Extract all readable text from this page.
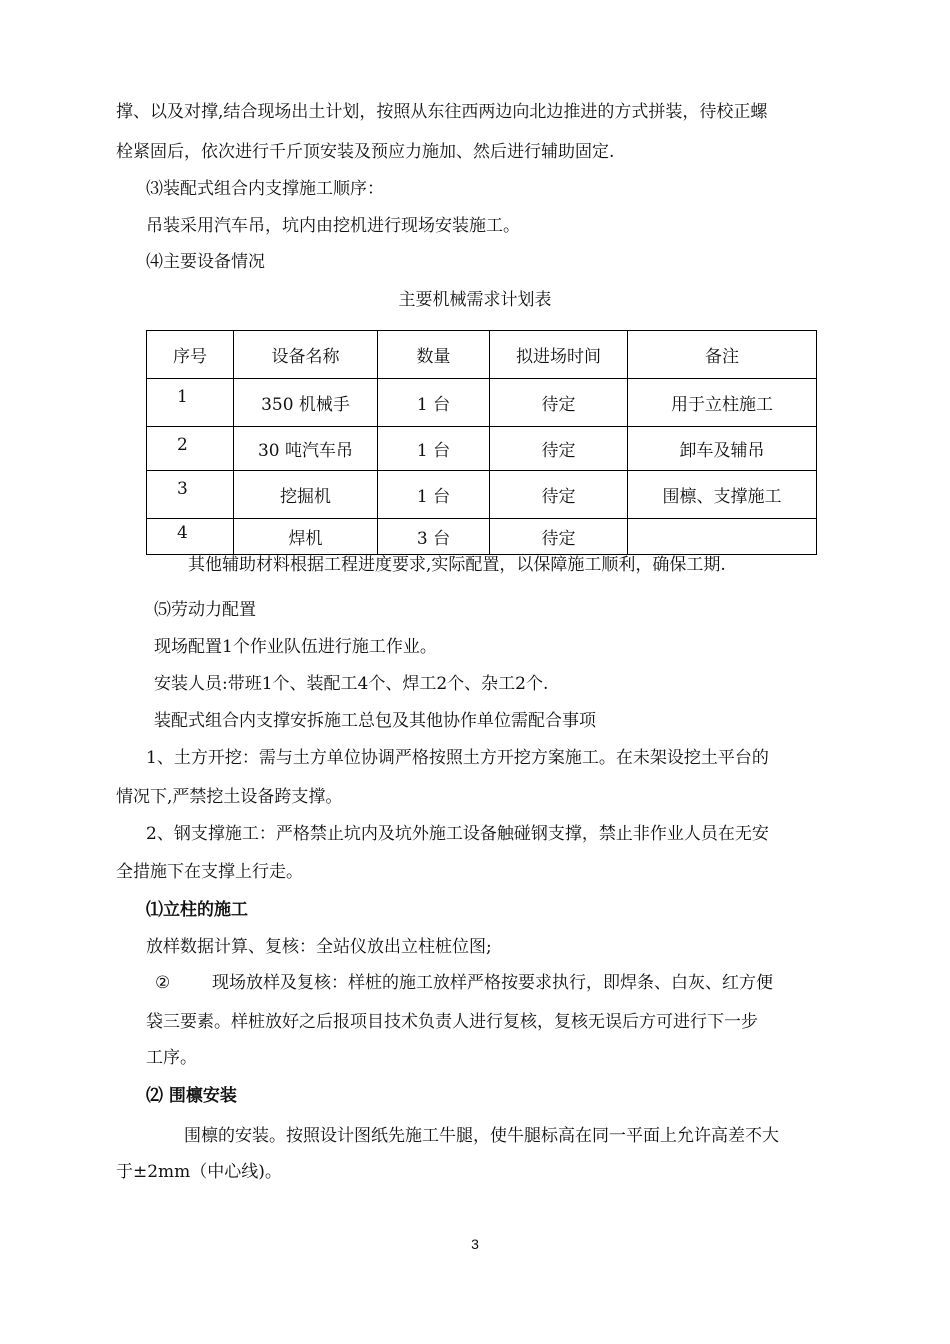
撑、以及对撑,结合现场出土计划，按照从东往西两边向北边推进的方式拼装，待校正螺
栓紧固后，依次进行千斤顶安装及预应力施加、然后进行辅助固定.
⑶装配式组合内支撑施工顺序：
吊装采用汽车吊，坑内由挖机进行现场安装施工。
⑷主要设备情况
主要机械需求计划表
序号	设备名称	数量	拟进场时间	备注
1	350 机械手	1 台	待定	用于立柱施工
2	30 吨汽车吊	1 台	待定	卸车及辅吊
3	挖掘机	1 台	待定	围檩、支撑施工
4	焊机	3 台	待定	
其他辅助材料根据工程进度要求,实际配置，以保障施工顺利，确保工期.
⑸劳动力配置
现场配置1个作业队伍进行施工作业。
安装人员:带班1个、装配工4个、焊工2个、杂工2个.
装配式组合内支撑安拆施工总包及其他协作单位需配合事项
1、土方开挖：需与土方单位协调严格按照土方开挖方案施工。在未架设挖土平台的
情况下,严禁挖土设备跨支撑。
2、钢支撑施工：严格禁止坑内及坑外施工设备触碰钢支撑，禁止非作业人员在无安
全措施下在支撑上行走。
⑴立柱的施工
放样数据计算、复核：全站仪放出立柱桩位图;
② 现场放样及复核：样桩的施工放样严格按要求执行，即焊条、白灰、红方便
袋三要素。样桩放好之后报项目技术负责人进行复核，复核无误后方可进行下一步
工序。
⑵ 围檩安装
围檩的安装。按照设计图纸先施工牛腿，使牛腿标高在同一平面上允许高差不大
于±2mm（中心线)。
3
